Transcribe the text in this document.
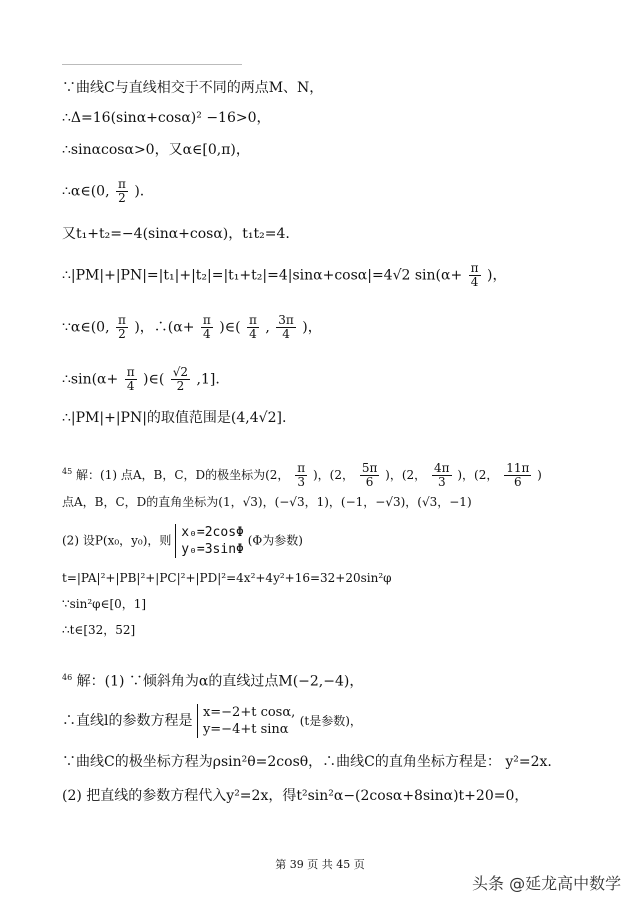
∵曲线C与直线相交于不同的两点M、N，
∴Δ=16(sinα+cosα)² −16>0，
∴sinαcosα>0，又α∈[0,π)，
∴α∈(0, $\frac{\pi}{2}$ ).
又t₁+t₂=−4(sinα+cosα)，t₁t₂=4.
∴|PM|+|PN|=|t₁|+|t₂|=|t₁+t₂|=4|sinα+cosα|=4√2 $\sin(\alpha+ \frac{\pi}{4}$ )，
∵α∈(0, $\frac{\pi}{2}$ )，∴(α+ $\frac{\pi}{4}$ )∈( $\frac{\pi}{4}$ , $\frac{3\pi}{4}$ )，
∴sin(α+ $\frac{\pi}{4}$ )∈( $\frac{√2}{2} ,1$].
∴|PM|+|PN|的取值范围是(4,4√2].
$^{45}$ 解：(1) 点A，B，C，D的极坐标为(2， $\frac{\pi}{3}$ )，(2， $\frac{5\pi}{6}$ )，(2， $\frac{4\pi}{3}$ )，(2， $\frac{11\pi}{6}$ )
点A，B，C，D的直角坐标为(1，√3)，(−√3，1)，(−1，−√3)，(√3，−1)
(2) 设P(x₀，y₀)，则
x₀=2cosΦ
y₀=3sinΦ
(Φ为参数)
t=|PA|²+|PB|²+|PC|²+|PD|²=4x²+4y²+16=32+20sin²φ
∵sin²φ∈[0，1]
∴t∈[32，52]
$^{46}$ 解：(1) ∵倾斜角为α的直线过点M(−2,−4)，
∴直线l的参数方程是
x=−2+t cosα,
y=−4+t sinα
(t是参数)，
∵曲线C的极坐标方程为ρsin²θ=2cosθ，∴曲线C的直角坐标方程是： y²=2x.
(2) 把直线的参数方程代入y²=2x，得t²sin²α−(2cosα+8sinα)t+20=0，
第 39 页 共 45 页
头条 @延龙高中数学
